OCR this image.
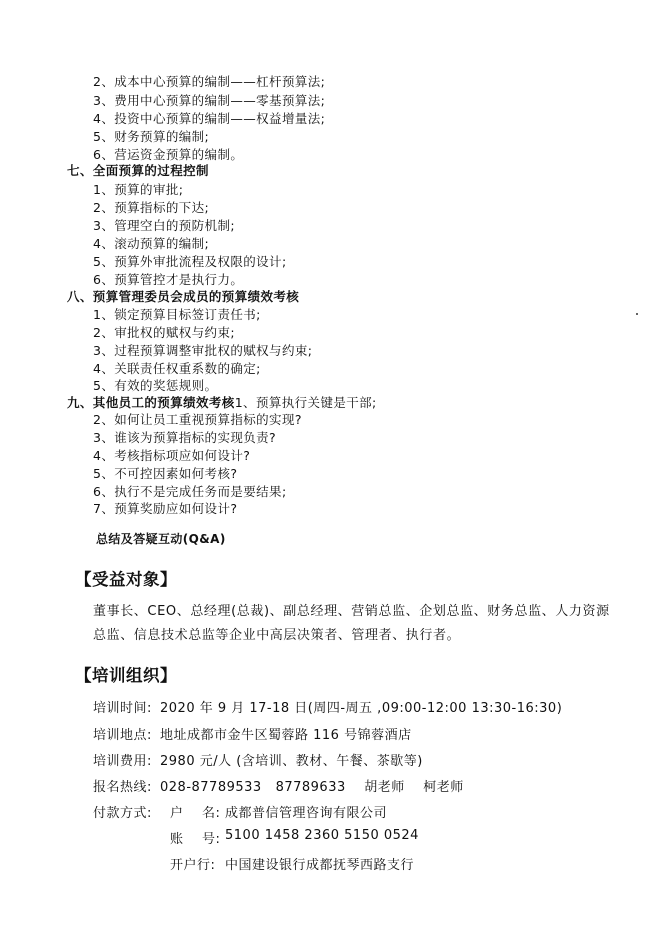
2、成本中心预算的编制——杠杆预算法;
3、费用中心预算的编制——零基预算法;
4、投资中心预算的编制——权益增量法;
5、财务预算的编制;
6、营运资金预算的编制。
七、全面预算的过程控制
1、预算的审批;
2、预算指标的下达;
3、管理空白的预防机制;
4、滚动预算的编制;
5、预算外审批流程及权限的设计;
6、预算管控才是执行力。
八、预算管理委员会成员的预算绩效考核
1、锁定预算目标签订责任书;
2、审批权的赋权与约束;
3、过程预算调整审批权的赋权与约束;
4、关联责任权重系数的确定;
5、有效的奖惩规则。
九、其他员工的预算绩效考核1、预算执行关键是干部;
2、如何让员工重视预算指标的实现?
3、谁该为预算指标的实现负责?
4、考核指标项应如何设计?
5、不可控因素如何考核?
6、执行不是完成任务而是要结果;
7、预算奖励应如何设计?
总结及答疑互动(Q&A)
【受益对象】
董事长、CEO、总经理(总裁)、副总经理、营销总监、企划总监、财务总监、人力资源
总监、信息技术总监等企业中高层决策者、管理者、执行者。
【培训组织】
培训时间: 2020 年 9 月 17-18 日(周四-周五 ,09:00-12:00 13:30-16:30)
培训地点: 地址成都市金牛区蜀蓉路 116 号锦蓉酒店
培训费用: 2980 元/人 (含培训、教材、午餐、茶歇等)
报名热线: 028-87789533   87789633    胡老师    柯老师
付款方式: 户    名: 成都普信管理咨询有限公司
账    号: 5100 1458 2360 5150 0524
开户行: 中国建设银行成都抚琴西路支行
